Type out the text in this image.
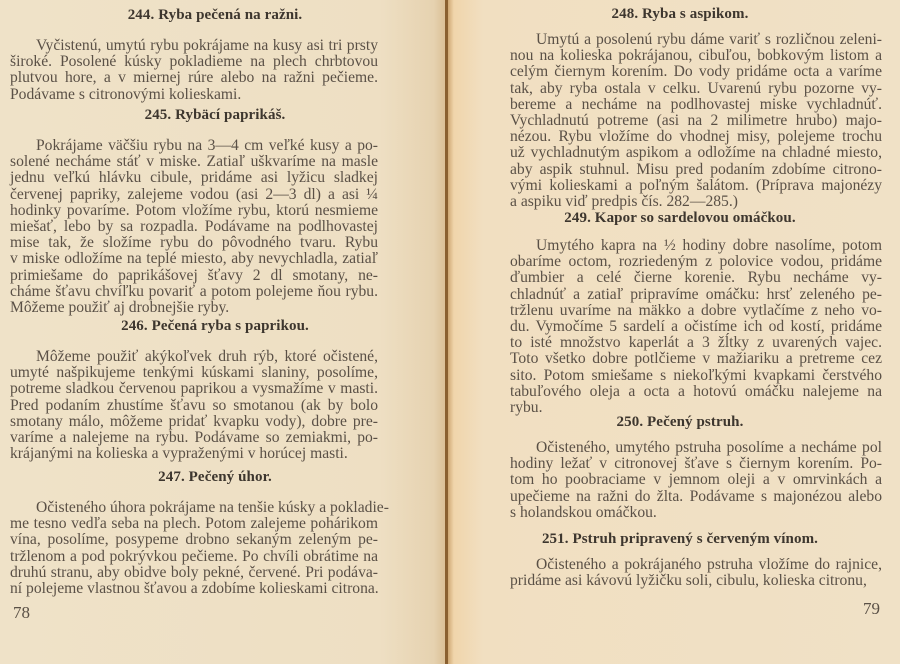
244. Ryba pečená na ražni.
Vyčistenú, umytú rybu pokrájame na kusy asi tri prsty
široké. Posolené kúsky pokladieme na plech chrbtovou
plutvou hore, a v miernej rúre alebo na ražni pečieme.
Podávame s citronovými kolieskami.
245. Rybäcí paprikáš.
Pokrájame väčšiu rybu na 3—4 cm veľké kusy a po-
solené necháme stáť v miske. Zatiaľ uškvaríme na masle
jednu veľkú hlávku cibule, pridáme asi lyžicu sladkej
červenej papriky, zalejeme vodou (asi 2—3 dl) a asi ¼
hodinky povaríme. Potom vložíme rybu, ktorú nesmieme
miešať, lebo by sa rozpadla. Podávame na podlhovastej
mise tak, že složíme rybu do pôvodného tvaru. Rybu
v miske odložíme na teplé miesto, aby nevychladla, zatiaľ
primiešame do paprikášovej šťavy 2 dl smotany, ne-
cháme šťavu chvíľku povariť a potom polejeme ňou rybu.
Môžeme použiť aj drobnejšie ryby.
246. Pečená ryba s paprikou.
Môžeme použiť akýkoľvek druh rýb, ktoré očistené,
umyté našpikujeme tenkými kúskami slaniny, posolíme,
potreme sladkou červenou paprikou a vysmažíme v masti.
Pred podaním zhustíme šťavu so smotanou (ak by bolo
smotany málo, môžeme pridať kvapku vody), dobre pre-
varíme a nalejeme na rybu. Podávame so zemiakmi, po-
krájanými na kolieska a vypraženými v horúcej masti.
247. Pečený úhor.
Očisteného úhora pokrájame na tenšie kúsky a pokladie-
me tesno vedľa seba na plech. Potom zalejeme pohárikom
vína, posolíme, posypeme drobno sekaným zeleným pe-
tržlenom a pod pokrývkou pečieme. Po chvíli obrátime na
druhú stranu, aby obidve boly pekné, červené. Pri podáva-
ní polejeme vlastnou šťavou a zdobíme kolieskami citrona.
78
248. Ryba s aspikom.
Umytú a posolenú rybu dáme variť s rozličnou zeleni-
nou na kolieska pokrájanou, cibuľou, bobkovým listom a
celým čiernym korením. Do vody pridáme octa a varíme
tak, aby ryba ostala v celku. Uvarenú rybu pozorne vy-
bereme a necháme na podlhovastej miske vychladnúť.
Vychladnutú potreme (asi na 2 milimetre hrubo) majo-
nézou. Rybu vložíme do vhodnej misy, polejeme trochu
už vychladnutým aspikom a odložíme na chladné miesto,
aby aspik stuhnul. Misu pred podaním zdobíme citrono-
vými kolieskami a poľným šalátom. (Príprava majonézy
a aspiku viď predpis čís. 282—285.)
249. Kapor so sardelovou omáčkou.
Umytého kapra na ½ hodiny dobre nasolíme, potom
obaríme octom, rozriedeným z polovice vodou, pridáme
ďumbier a celé čierne korenie. Rybu necháme vy-
chladnúť a zatiaľ pripravíme omáčku: hrsť zeleného pe-
tržlenu uvaríme na mäkko a dobre vytlačíme z neho vo-
du. Vymočíme 5 sardelí a očistíme ich od kostí, pridáme
to isté množstvo kaperlát a 3 žĺtky z uvarených vajec.
Toto všetko dobre potlčieme v mažiariku a pretreme cez
sito. Potom smiešame s niekoľkými kvapkami čerstvého
tabuľového oleja a octa a hotovú omáčku nalejeme na
rybu.
250. Pečený pstruh.
Očisteného, umytého pstruha posolíme a necháme pol
hodiny ležať v citronovej šťave s čiernym korením. Po-
tom ho poobraciame v jemnom oleji a v omrvinkách a
upečieme na ražni do žlta. Podávame s majonézou alebo
s holandskou omáčkou.
251. Pstruh pripravený s červeným vínom.
Očisteného a pokrájaného pstruha vložíme do rajnice,
pridáme asi kávovú lyžičku soli, cibulu, kolieska citronu,
79
